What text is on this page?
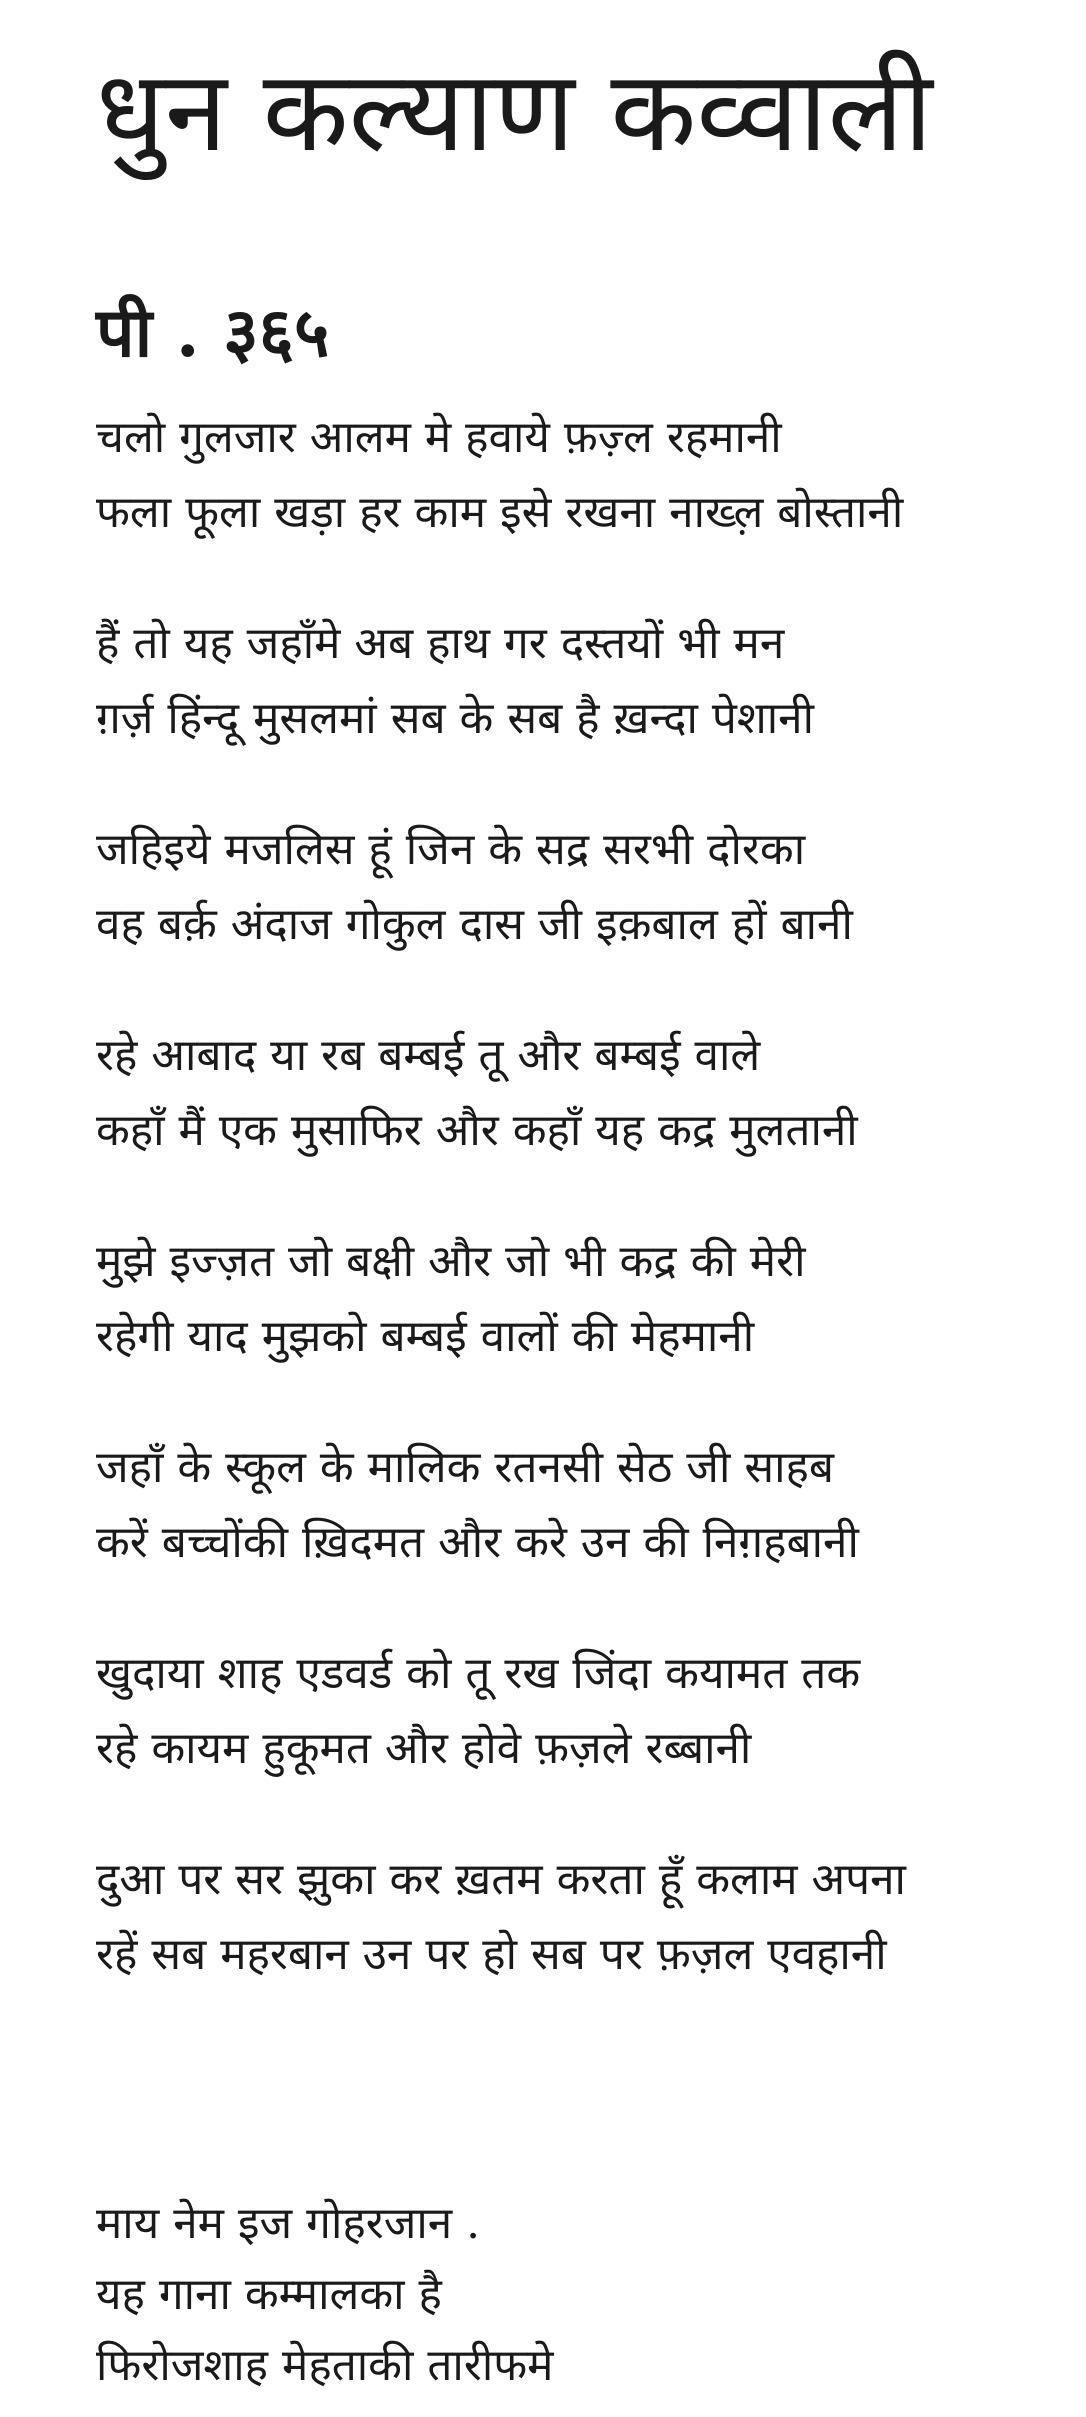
धुन कल्याण कव्वाली
पी . ३६५
चलो गुलजार आलम मे हवाये फ़ज़्ल रहमानी
फला फूला खड़ा हर काम इसे रखना नाख्ल़ बोस्तानी
हैं तो यह जहाँमे अब हाथ गर दस्तयों भी मन
ग़र्ज़ हिंन्दू मुसलमां सब के सब है ख़न्दा पेशानी
जहिइये मजलिस हूं जिन के सद्र सरभी दोरका
वह बर्क़ अंदाज गोकुल दास जी इक़बाल हों बानी
रहे आबाद या रब बम्बई तू और बम्बई वाले
कहाँ मैं एक मुसाफिर और कहाँ यह कद्र मुलतानी
मुझे इज्ज़त जो बक्षी और जो भी कद्र की मेरी
रहेगी याद मुझको बम्बई वालों की मेहमानी
जहाँ के स्कूल के मालिक रतनसी सेठ जी साहब
करें बच्चोंकी ख़िदमत और करे उन की निग़हबानी
खुदाया शाह एडवर्ड को तू रख जिंदा कयामत तक
रहे कायम हुकूमत और होवे फ़ज़ले रब्बानी
दुआ पर सर झुका कर ख़तम करता हूँ कलाम अपना
रहें सब महरबान उन पर हो सब पर फ़ज़ल एवहानी
माय नेम इज गोहरजान .
यह गाना कम्मालका है
फिरोजशाह मेहताकी तारीफमे
